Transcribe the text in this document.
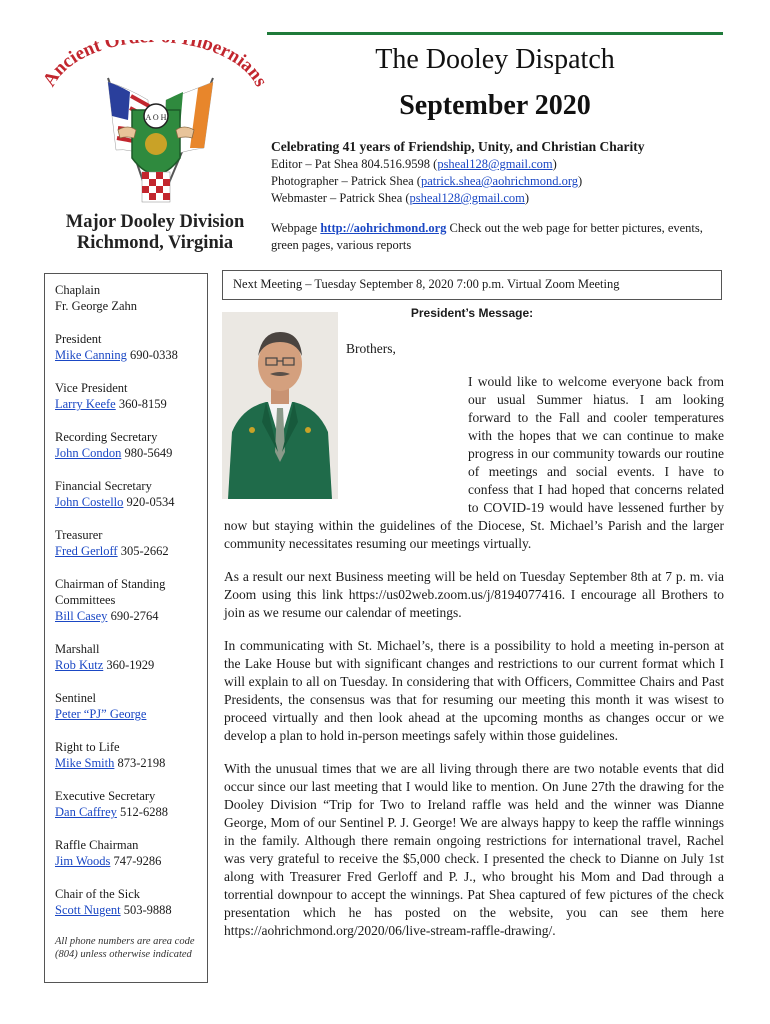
Ancient O ibernian
A O H
Major Dooley Division
Richmond, Virginia
The Dooley Dispatch
September 2020
Celebrating 41 years of Friendship, Unity, and Christian Charity
Editor – Pat Shea 804.516.9598 (psheal128@gmail.com)
Photographer – Patrick Shea (patrick.shea@aohrichmond.org)
Webmaster – Patrick Shea (psheal128@gmail.com)
Webpage http://aohrichmond.org Check out the web page for better pictures, events, green pages, various reports
Chaplain
Fr. George Zahn
President
Mike Canning 690-0338
Vice President
Larry Keefe 360-8159
Recording Secretary
John Condon 980-5649
Financial Secretary
John Costello 920-0534
Treasurer
Fred Gerloff 305-2662
Chairman of Standing Committees
Bill Casey 690-2764
Marshall
Rob Kutz 360-1929
Sentinel
Peter “PJ” George
Right to Life
Mike Smith 873-2198
Executive Secretary
Dan Caffrey 512-6288
Raffle Chairman
Jim Woods 747-9286
Chair of the Sick
Scott Nugent 503-9888
All phone numbers are area code (804) unless otherwise indicated
Next Meeting – Tuesday September 8, 2020 7:00 p.m. Virtual Zoom Meeting
President’s Message:

Brothers,

I would like to welcome everyone back from our usual Summer hiatus. I am looking forward to the Fall and cooler temperatures with the hopes that we can continue to make progress in our community towards our routine of meetings and social events. I have to confess that I had hoped that concerns related to COVID-19 would have lessened further by now but staying within the guidelines of the Diocese, St. Michael’s Parish and the larger community necessitates resuming our meetings virtually.

As a result our next Business meeting will be held on Tuesday September 8th at 7 p. m. via Zoom using this link https://us02web.zoom.us/j/8194077416. I encourage all Brothers to join as we resume our calendar of meetings.

In communicating with St. Michael’s, there is a possibility to hold a meeting in-person at the Lake House but with significant changes and restrictions to our current format which I will explain to all on Tuesday. In considering that with Officers, Committee Chairs and Past Presidents, the consensus was that for resuming our meeting this month it was wisest to proceed virtually and then look ahead at the upcoming months as changes occur or we develop a plan to hold in-person meetings safely within those guidelines.

With the unusual times that we are all living through there are two notable events that did occur since our last meeting that I would like to mention. On June 27th the drawing for the Dooley Division “Trip for Two to Ireland raffle was held and the winner was Dianne George, Mom of our Sentinel P. J. George! We are always happy to keep the raffle winnings in the family. Although there remain ongoing restrictions for international travel, Rachel was very grateful to receive the $5,000 check. I presented the check to Dianne on July 1st along with Treasurer Fred Gerloff and P. J., who brought his Mom and Dad through a torrential downpour to accept the winnings. Pat Shea captured of few pictures of the check presentation which he has posted on the website, you can see them here https://aohrichmond.org/2020/06/live-stream-raffle-drawing/.
